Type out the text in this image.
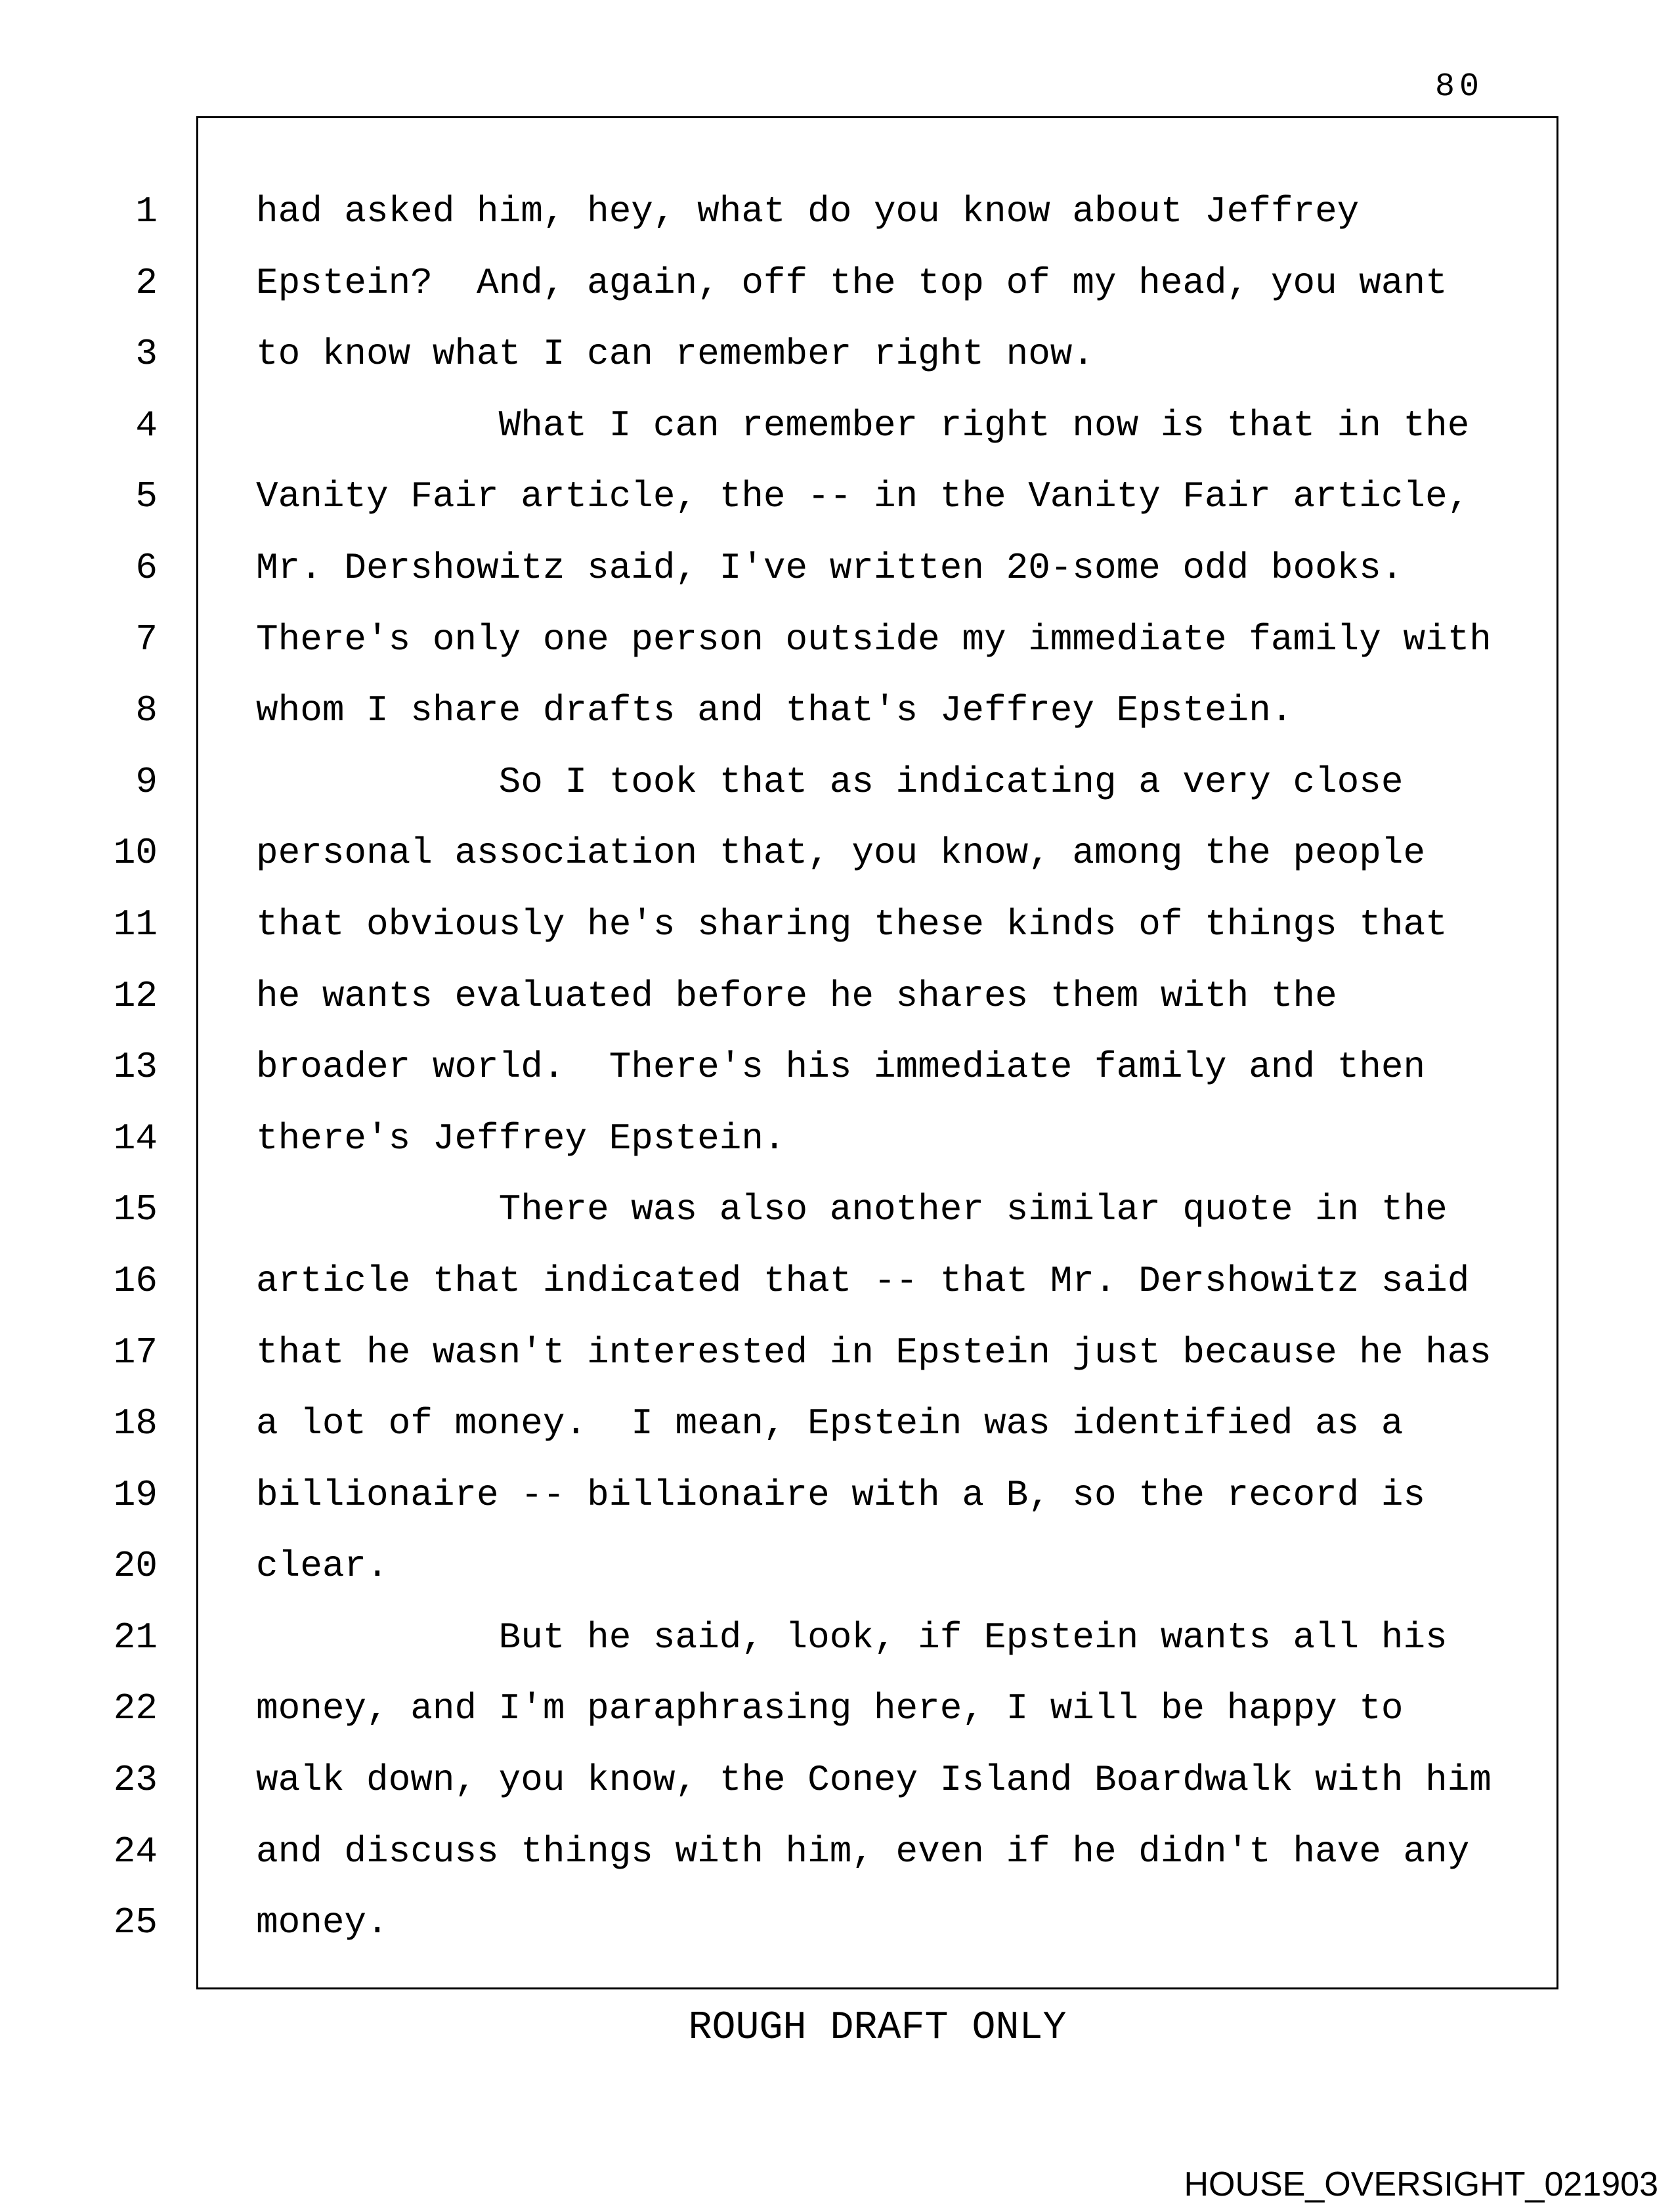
80
1	had asked him, hey, what do you know about Jeffrey
2	Epstein?  And, again, off the top of my head, you want
3	to know what I can remember right now.
4	What I can remember right now is that in the
5	Vanity Fair article, the -- in the Vanity Fair article,
6	Mr. Dershowitz said, I've written 20-some odd books.
7	There's only one person outside my immediate family with
8	whom I share drafts and that's Jeffrey Epstein.
9	So I took that as indicating a very close
10	personal association that, you know, among the people
11	that obviously he's sharing these kinds of things that
12	he wants evaluated before he shares them with the
13	broader world.  There's his immediate family and then
14	there's Jeffrey Epstein.
15	There was also another similar quote in the
16	article that indicated that -- that Mr. Dershowitz said
17	that he wasn't interested in Epstein just because he has
18	a lot of money.  I mean, Epstein was identified as a
19	billionaire -- billionaire with a B, so the record is
20	clear.
21	But he said, look, if Epstein wants all his
22	money, and I'm paraphrasing here, I will be happy to
23	walk down, you know, the Coney Island Boardwalk with him
24	and discuss things with him, even if he didn't have any
25	money.
ROUGH DRAFT ONLY
HOUSE_OVERSIGHT_021903
